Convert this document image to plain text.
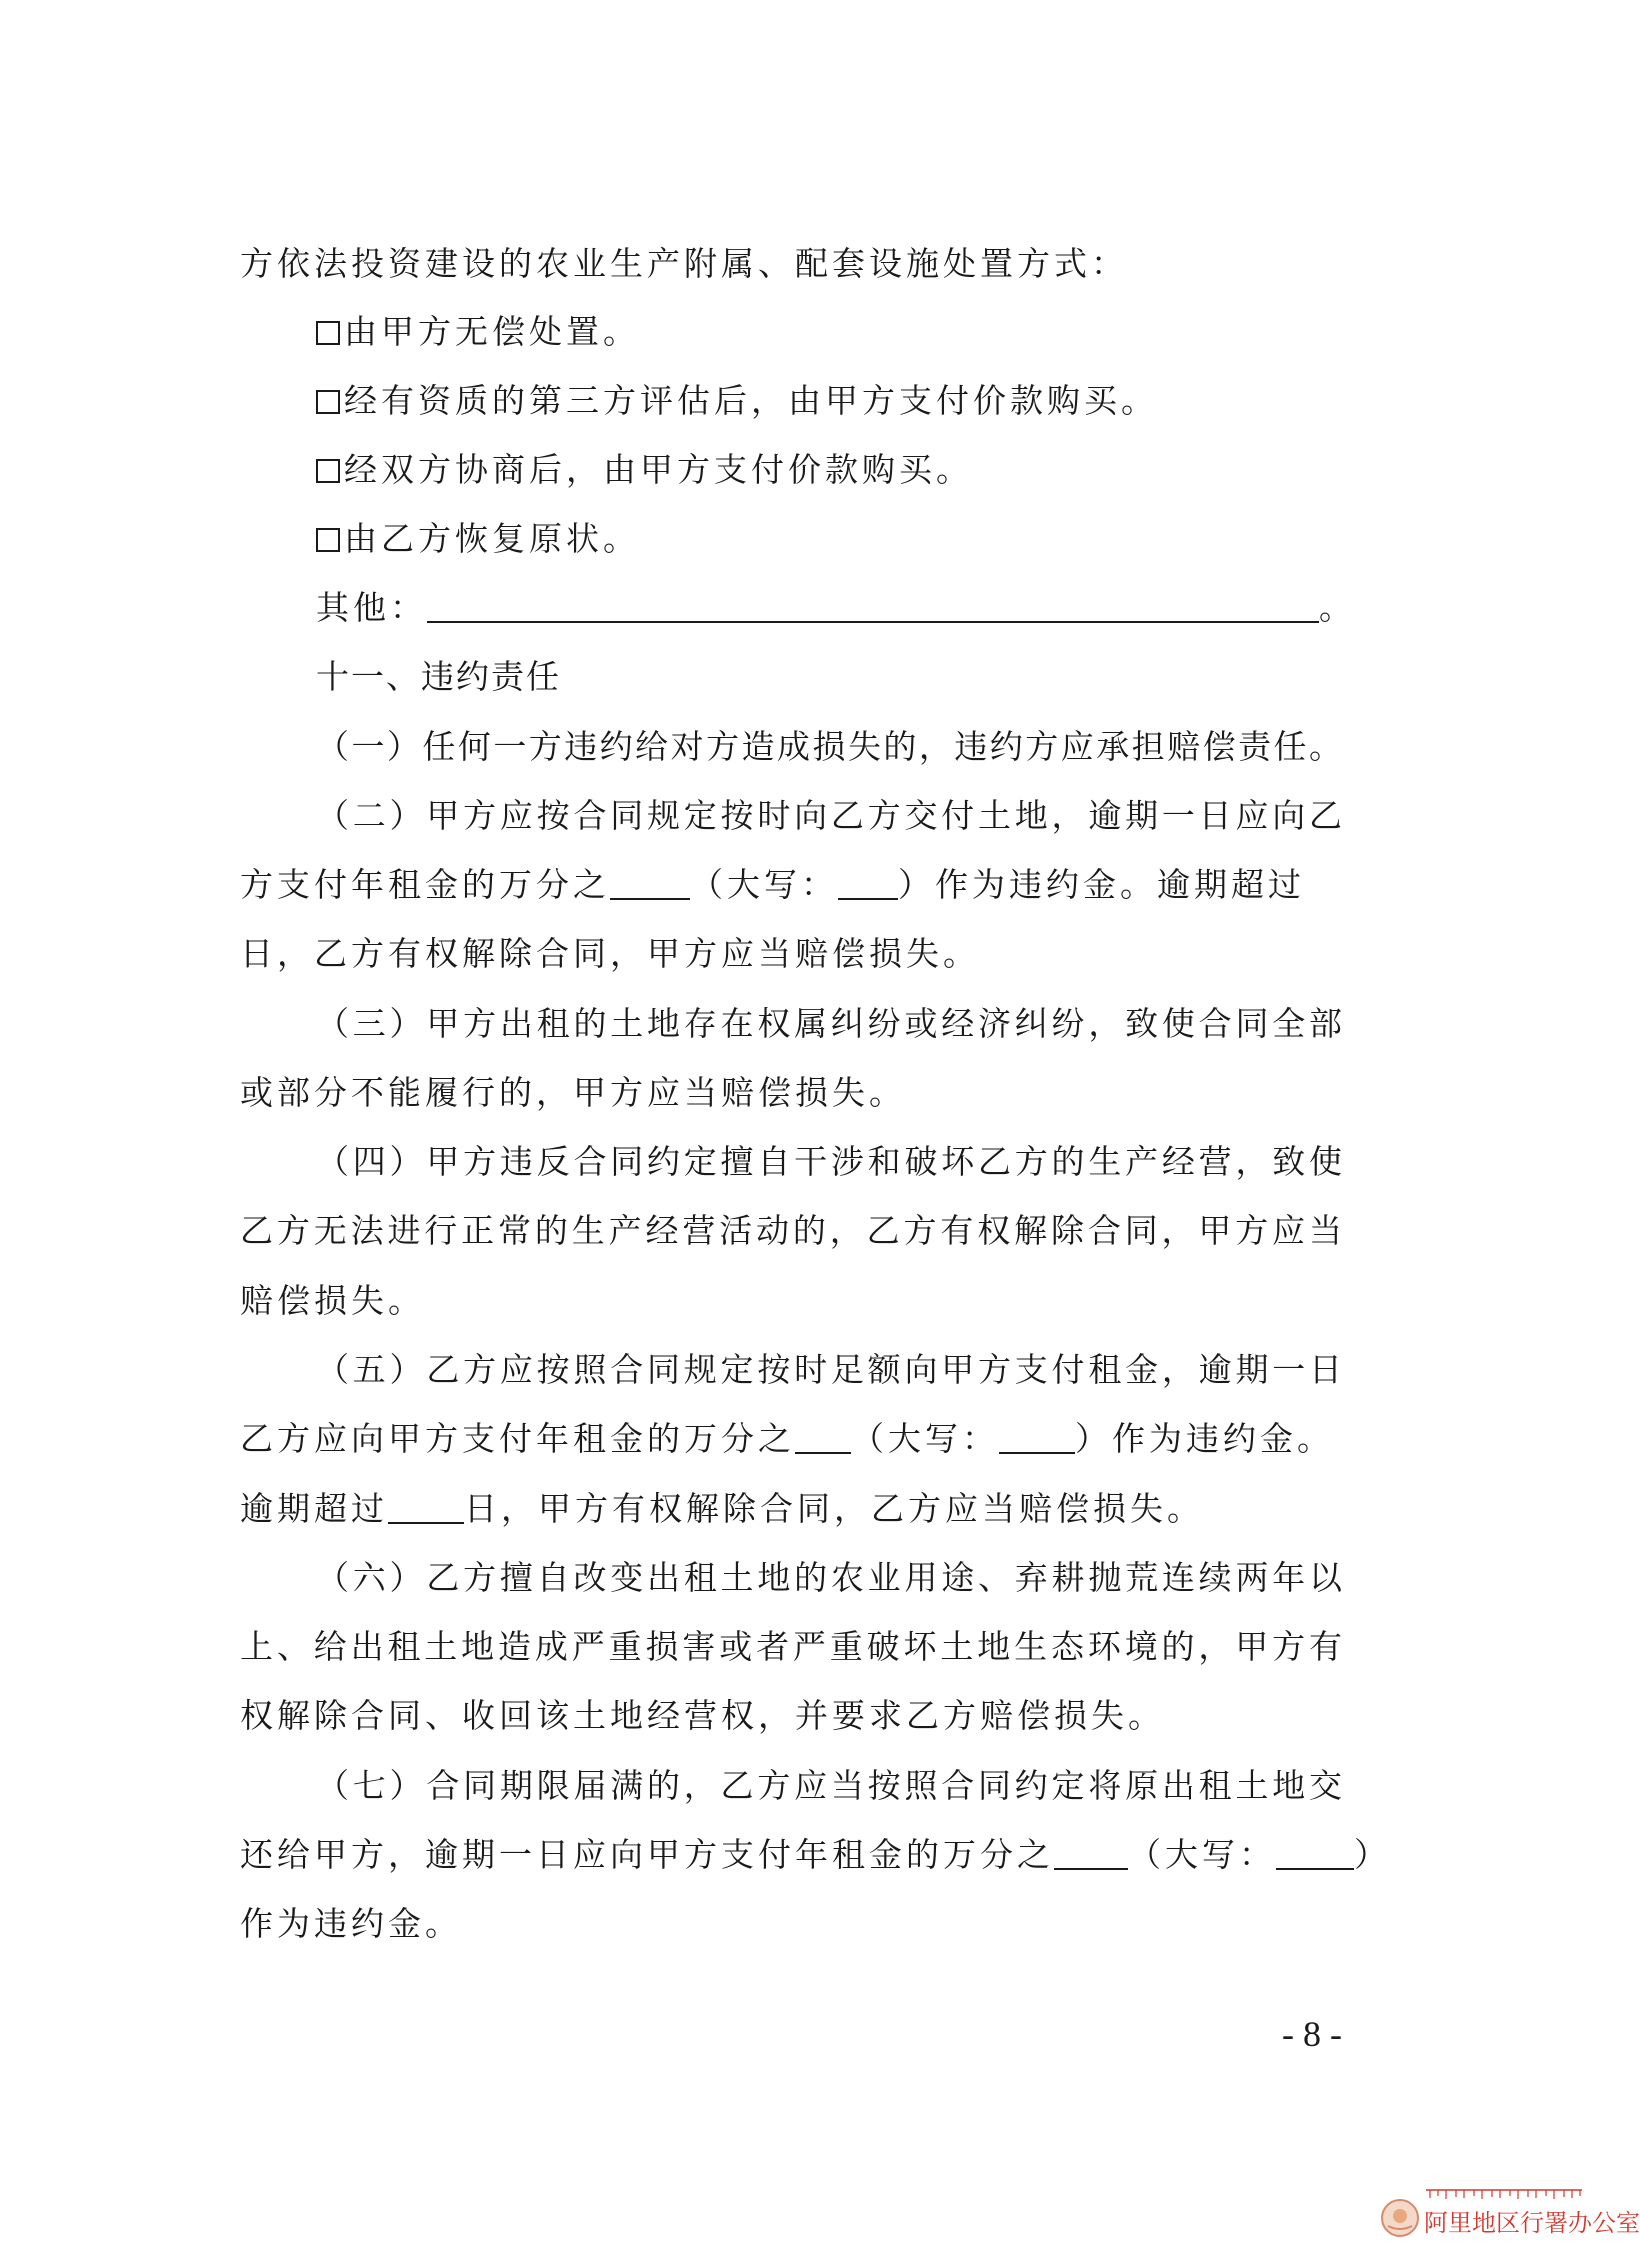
方依法投资建设的农业生产附属、配套设施处置方式：
由甲方无偿处置。
经有资质的第三方评估后，由甲方支付价款购买。
经双方协商后，由甲方支付价款购买。
由乙方恢复原状。
其他：	。
十一、违约责任
（一）任何一方违约给对方造成损失的，违约方应承担赔偿责任。
（二）甲方应按合同规定按时向乙方交付土地，逾期一日应向乙
方支付年租金的万分之 （大写： ）作为违约金。逾期超过
日，乙方有权解除合同，甲方应当赔偿损失。
（三）甲方出租的土地存在权属纠纷或经济纠纷，致使合同全部
或部分不能履行的，甲方应当赔偿损失。
（四）甲方违反合同约定擅自干涉和破坏乙方的生产经营，致使
乙方无法进行正常的生产经营活动的，乙方有权解除合同，甲方应当
赔偿损失。
（五）乙方应按照合同规定按时足额向甲方支付租金，逾期一日
乙方应向甲方支付年租金的万分之 （大写： ）作为违约金。
逾期超过 日，甲方有权解除合同，乙方应当赔偿损失。
（六）乙方擅自改变出租土地的农业用途、弃耕抛荒连续两年以
上、给出租土地造成严重损害或者严重破坏土地生态环境的，甲方有
权解除合同、收回该土地经营权，并要求乙方赔偿损失。
（七）合同期限届满的，乙方应当按照合同约定将原出租土地交
还给甲方，逾期一日应向甲方支付年租金的万分之 （大写： ）
作为违约金。
- 8 -
阿里地区行署办公室
